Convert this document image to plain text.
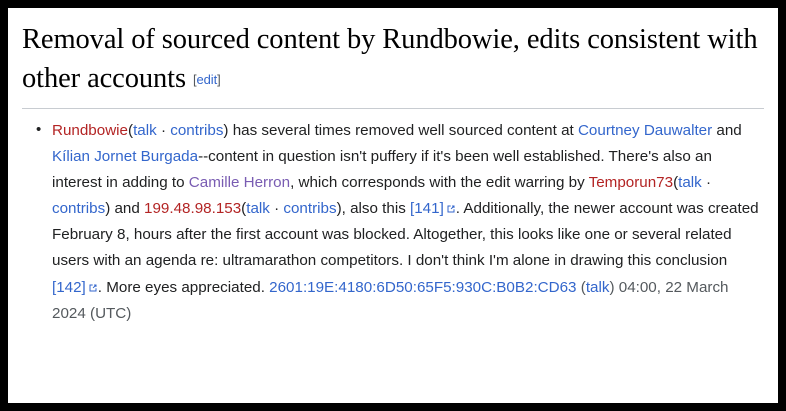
Removal of sourced content by Rundbowie, edits consistent with other accounts [edit]
• Rundbowie(talk · contribs) has several times removed well sourced content at Courtney Dauwalter and Kílian Jornet Burgada--content in question isn't puffery if it's been well established. There's also an interest in adding to Camille Herron, which corresponds with the edit warring by Temporun73(talk · contribs) and 199.48.98.153(talk · contribs), also this [141] . Additionally, the newer account was created February 8, hours after the first account was blocked. Altogether, this looks like one or several related users with an agenda re: ultramarathon competitors. I don't think I'm alone in drawing this conclusion [142] . More eyes appreciated. 2601:19E:4180:6D50:65F5:930C:B0B2:CD63 (talk) 04:00, 22 March 2024 (UTC)
